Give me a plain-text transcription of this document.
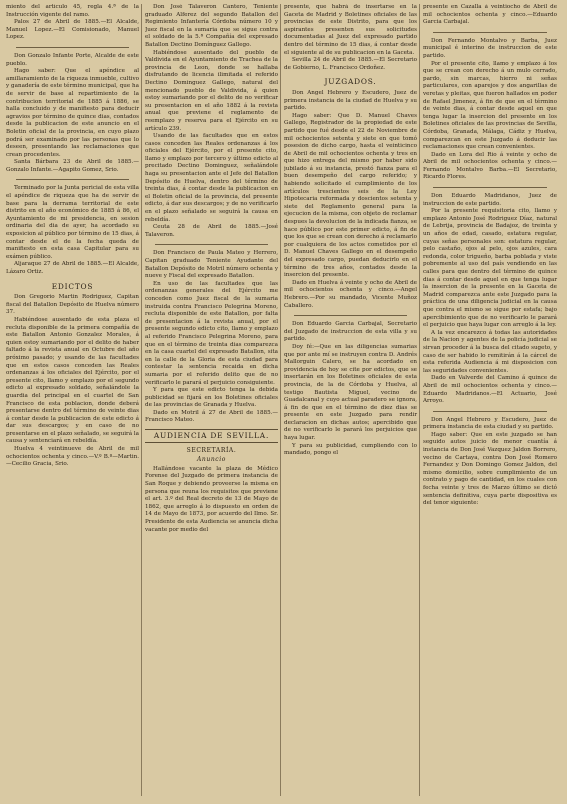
miento del artículo 45, regla 4.ª de la Instrucción vigente del ramo.

Palos 27 de Abril de 1885.—El Alcalde, Manuel Lopez.—El Comisionado, Manuel Lopez.

Don Gonzalo Infante Porte, Alcalde de este pueblo.

Hago saber: Que el apéndice al amillaramiento de la riqueza inmueble, cultivo y ganadería de este término municipal, que ha de servir de base al repartimiento de la contribucion territorial de 1885 á 1886, se halla concluido y de manifiesto para deducir agravios por término de quince dias, contados desde la publicacion de este anuncio en el Boletin oficial de la provincia, en cuyo plazo podrá ser examinado por las personas que lo deseen, presentando las reclamaciones que crean procedentes.

Santa Bárbara 23 de Abril de 1885.—Gonzalo Infante.—Agapito Gomez, Srio.

Terminado por la Junta pericial de esta villa el apéndice de riqueza que ha de servir de base para la derrama territorial de este distrito en el año económico de 1885 á 86, el Ayuntamiento de mi presidencia, en sesion ordinaria del dia de ayer, ha acordado su exposicion al público por término de 15 dias, á contar desde el de la fecha queda de manifiesto en esta casa Capitular para su exámen público.

Aljaraque 27 de Abril de 1885.—El Alcalde, Lázaro Ortiz.

EDICTOS

Don Gregorio Martin Rodriguez, Capitan fiscal del Batallon Depósito de Huelva número 37.

Habiéndose ausentado de esta plaza el recluta disponible de la primera compañía de este Batallon Antonio Gonzalez Morales, á quien estoy sumariando por el delito de haber faltado á la revista anual en Octubre del año próximo pasado; y usando de las facultades que en estos casos conceden las Reales ordenanzas á los oficiales del Ejército, por el presente cito, llamo y emplazo por el segundo edicto al expresado soldado, señalándole la guardia del principal en el cuartel de San Francisco de esta poblacion, donde deberá presentarse dentro del término de veinte dias á contar desde la publicacion de este edicto á dar sus descargos; y en caso de no presentarse en el plazo señalado, se seguirá la causa y sentenciará en rebeldía.

Huelva 4 veintinueve de Abril de mil ochocientos ochenta y cinco.—V.º B.º—Martin.—Cecilio Gracia, Srio.

Don José Talaveron Cantero, Teniente graduado Alferez del segundo Batallon del Regimiento Infantería Córdoba número 10 y Juez fiscal en la sumaria que se sigue contra el soldado de la 5.ª Compañía del expresado Batallon Dectino Domínguez Gallego.

Habiéndose ausentado del pueblo de Valdivida en el Ayuntamiento de Trachea de la provincia de Leon, donde se hallaba disfrutando de licencia ilimitada el referido Dectino Dominguez Gallego, natural del mencionado pueblo de Valdivida, á quien estoy sumariando por el delito de no verificar su presentacion en el año 1882 á la revista anual que previene el reglamento de reemplazo y reserva para el Ejército en su artículo 239.

Usando de las facultades que en estos casos conceden las Reales ordenanzas á los oficiales del Ejército, por el presente cito, llamo y emplazo por tercero y último edicto al precitado Dectino Dominguez, señalándole haga su presentacion ante el Jefe del Batallon Depósito de Huelva, dentro del término de treinta dias, á contar desde la publicacion en el Boletin oficial de la provincia, del presente edicto, á dar sus descargos; y de no verificarlo en el plazo señalado se seguirá la causa en rebeldía.

Ceuta 28 de Abril de 1885.—José Talaveron.

Don Francisco de Paula Mateo y Herrero, Capitan graduado Teniente Ayudante del Batallon Depósito de Motril número ochenta y nueve y Fiscal del expresado Batallon.

En uso de las facultades que las ordenanzas generales del Ejército me conceden como Juez fiscal de la sumaria instruida contra Francisco Pelegrina Moreno, recluta disponible de este Batallon, por falta de presentacion á la revista anual, por el presente segundo edicto cito, llamo y emplazo al referido Francisco Pelegrina Moreno, para que en el término de treinta dias comparezca en la casa cuartel del expresado Batallon, sita en la calle de la Gloria de esta ciudad para contestar la sentencia recaida en dicha sumaria por el referido delito que de no verificarlo le parará el perjuicio consiguiente.

Y para que este edicto tenga la debida publicidad se fijará en los Boletines oficiales de las provincias de Granada y Huelva.

Dado en Motril á 27 de Abril de 1885.—Francisco Mateo.

AUDIENCIA DE SEVILLA.
SECRETARÍA.
Anuncio

Hallándose vacante la plaza de Médico Forense del Juzgado de primera instancia de San Roque y debiendo proveerse la misma en persona que reuna los requisitos que previene el art. 3.º del Real decreto de 13 de Mayo de 1862, que arreglo á lo dispuesto en orden de 14 de Mayo de 1873, por acuerdo del Ilmo. Sr. Presidente de esta Audiencia se anuncia dicha vacante por medio del

presente, que habrá de insertarse en la Gaceta de Madrid y Boletines oficiales de las provincias de este Distrito, para que los aspirantes presenten sus solicitudes documentadas al Juez del expresado partido dentro del término de 15 dias, á contar desde el siguiente al de su publicacion en la Gaceta.

Sevilla 24 de Abril de 1885.—El Secretario de Gobierno, L. Francisco Ordoñez.

JUZGADOS.

Don Angel Hebrero y Escudero, Juez de primera instancia de la ciudad de Huelva y su partido.

Hago saber: Que D. Manuel Chaves Gallego, Registrador de la propiedad de este partido que fué desde el 22 de Noviembre de mil ochocientos setenta y siete en que tomó posesion de dicho cargo, hasta el veinticinco de Abril de mil ochocientos ochenta y tres en que hizo entrega del mismo por haber sido jubilado á su instancia, prestó fianza para el buen desempeño del cargo referido; y habiendo solicitado el cumplimiento de los artículos trescientos seis de la Ley Hipotecaria reformada y doscientos setenta y siete del Reglamento general para la ejecucion de la misma, con objeto de reclamar despues la devolucion de la indicada fianza, se hace público por este primer edicto, á fin de que los que se crean con derecho á reclamarlo por cualquiera de los actos cometidos por el D. Manuel Chaves Gallego en el desempeño del expresado cargo, puedan deducirlo en el término de tres años, contados desde la insercion del presente.

Dado en Huelva á veinte y ocho de Abril de mil ochocientos ochenta y cinco.—Angel Hebrero.—Por su mandado, Vicente Muñoz Caballero.

Don Eduardo Garcia Carbajal, Secretario del Juzgado de instruccion de esta villa y su partido.

Doy fé:—Que en las diligencias sumarias que por ante mí se instruyen contra D. Andrés Mallorguin Calero, se ha acordado en providencia de hoy se cite por edictos, que se insertarán en los Boletines oficiales de esta provincia, de la de Córdoba y Huelva, al testigo Bautista Miguel, vecino de Guadalcanal y cuyo actual paradero se ignora, á fin de que en el término de diez dias se presente en este Juzgado para rendir declaracion en dichas autos; apercibido que de no verificarlo le parará los perjuicios que haya lugar.

Y para su publicidad, cumpliendo con lo mandado, pongo el

presente en Cazalla á veintiocho de Abril de mil ochocientos ochenta y cinco.—Eduardo Garcia Carbajal.

Don Fernando Montalvo y Barba, Juez municipal é interino de instruccion de este partido.

Por el presente cito, llamo y emplazo á los que se crean con derecho á un mulo cerrado, pardo, sin marcas, hierro ni señas particulares, con aparejos y dos angarillas de veretas y pleitas, que fueron hallados en poder de Rafael Jimenez, á fin de que en el término de veinte dias, á contar desde aquel en que tenga lugar la insercion del presente en los Boletines oficiales de las provincias de Sevilla, Córdoba, Granada, Málaga, Cádiz y Huelva, comparezcan en este Juzgado á deducir las reclamaciones que crean convenientes.

Dado en Lora del Rio á veinte y ocho de Abril de mil ochocientos ochenta y cinco.—Fernando Montalvo Barba.—El Secretario, Ricardo Flores.

Don Eduardo Madridanos, Juez de instruccion de este partido.

Por la presente requisitoria cito, llamo y emplazo Antonio José Rodriguez Díaz, natural de Lebrija, provincia de Badajoz, de treinta y un años de edad, casado, estatura regular, cuyas señas personales son: estatura regular, pelo castaño, ojos al pelo, ojos azules, cara redonda, color trigueño, barba poblada y viste pobremente al uso del país vendiendo en las calles para que dentro del término de quince dias á contar desde aquel en que tenga lugar la insercion de la presente en la Gaceta de Madrid comparezca ante este Juzgado para la práctica de una diligencia judicial en la causa que contra el mismo se sigue por estafa; bajo apercibimiento que de no verificarlo le parará el perjuicio que haya lugar con arreglo á la ley.

A la vez encarezco á todas las autoridades de la Nacion y agentes de la policía judicial se sirvan proceder á la busca del citado sugeto, y caso de ser habido lo remitirán á la cárcel de esta referida Audiencia á mi disposicion con las seguridades convenientes.

Dado en Valverde del Camino á quince de Abril de mil ochocientos ochenta y cinco.—Eduardo Madridanos.—El Actuario, José Arroyo.

Don Angel Hebrero y Escudero, Juez de primera instancia de esta ciudad y su partido.

Hago saber: Que en este juzgado se han seguido autos juicio de menor cuantía á instancia de Don José Vazquez Jaldon Borrero, vecino de Cartaya, contra Don José Romero Fernandez y Don Domingo Gomez Jaldon, del mismo domicilio, sobre cumplimiento de un contrato y pago de cantidad, en los cuales con fecha veinte y tres de Marzo último se dictó sentencia definitiva, cuya parte dispositiva es del tenor siguiente:
